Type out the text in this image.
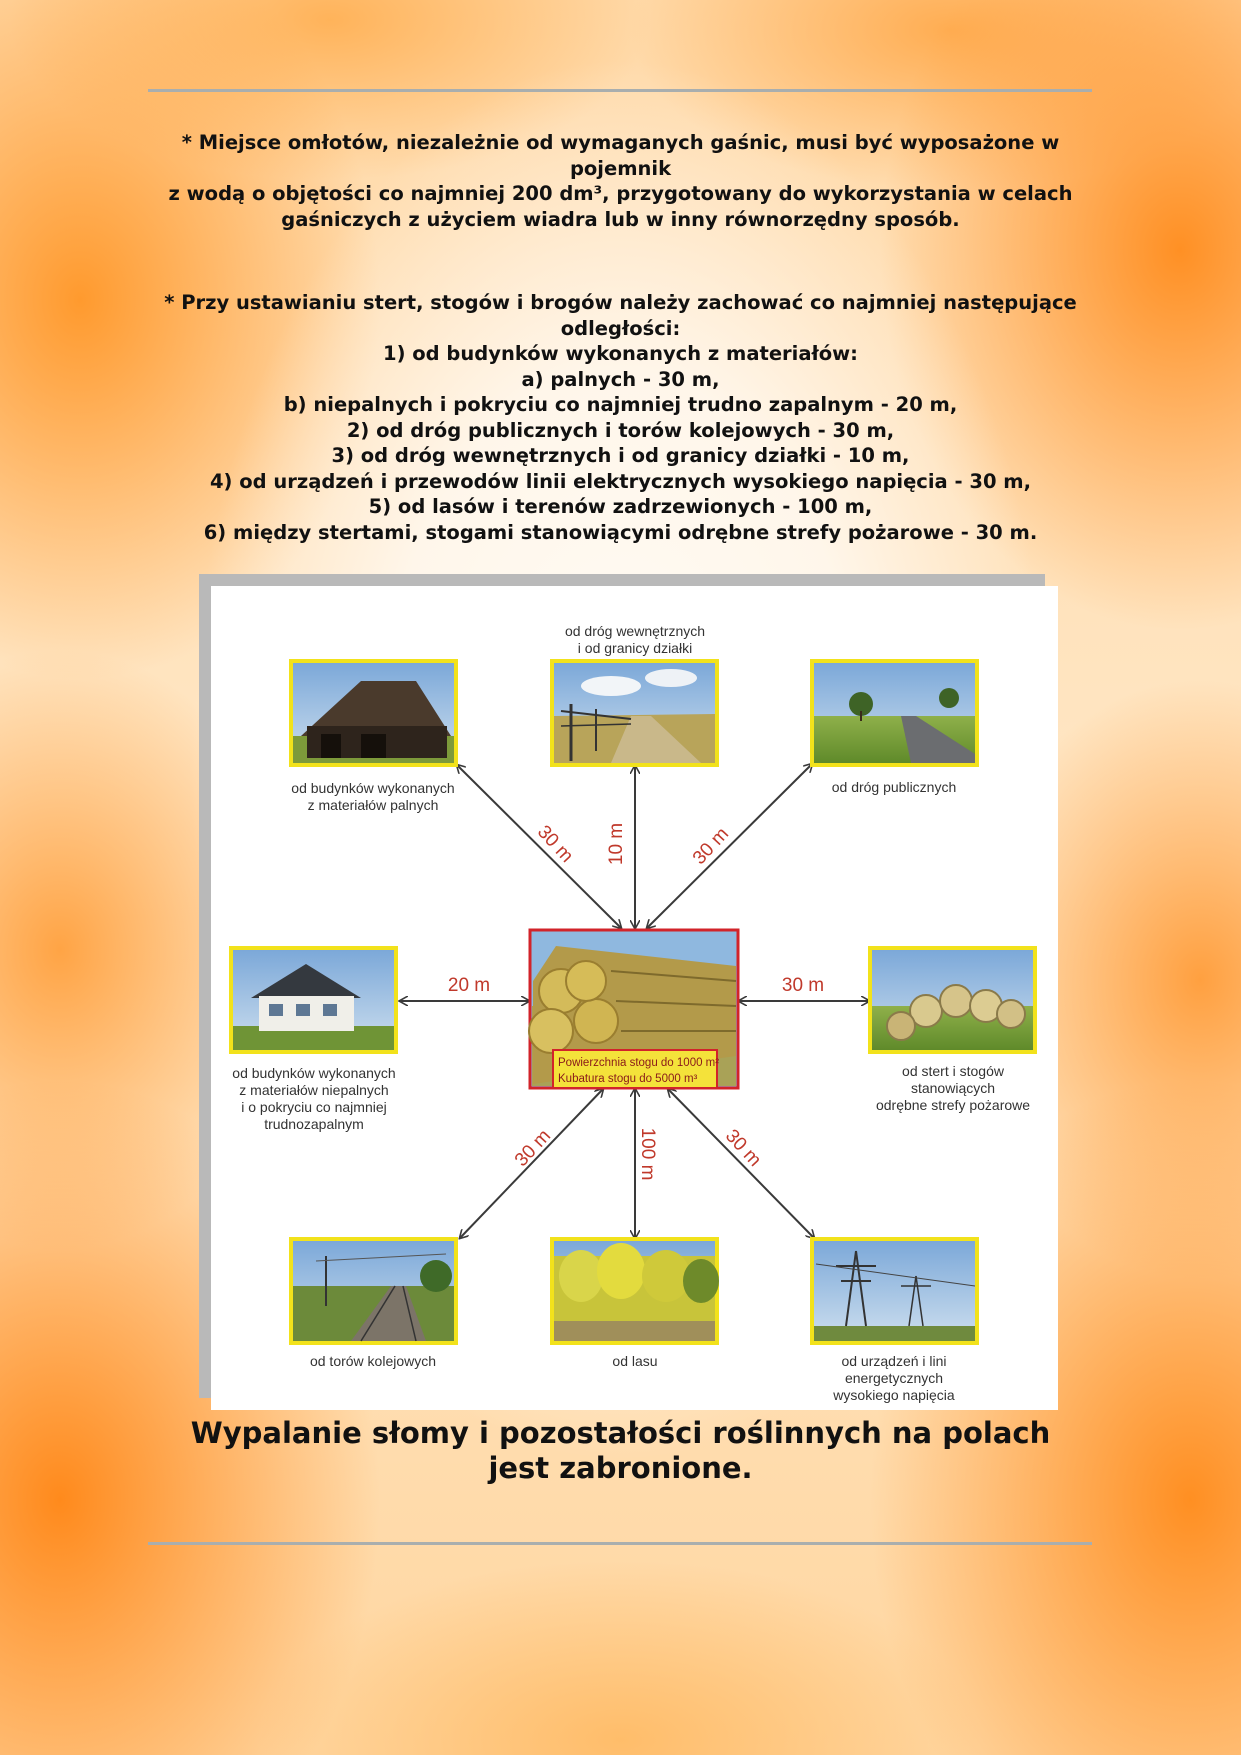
* Miejsce omłotów, niezależnie od wymaganych gaśnic, musi być wyposażone w pojemnik

z wodą o objętości co najmniej 200 dm³, przygotowany do wykorzystania w celach

gaśniczych z użyciem wiadra lub w inny równorzędny sposób.

* Przy ustawianiu stert, stogów i brogów należy zachować co najmniej następujące

odległości:

1) od budynków wykonanych z materiałów:

a) palnych - 30 m,

b) niepalnych i pokryciu co najmniej trudno zapalnym - 20 m,

2) od dróg publicznych i torów kolejowych - 30 m,

3) od dróg wewnętrznych i od granicy działki - 10 m,

4) od urządzeń i przewodów linii elektrycznych wysokiego napięcia - 30 m,

5) od lasów i terenów zadrzewionych - 100 m,

6) między stertami, stogami stanowiącymi odrębne strefy pożarowe - 30 m.

30 m 10 m	30 m
20 m	30 m
30 m	100 m	30 m
Powierzchnia stogu do 1000 m²
Kubatura stogu do 5000 m³
od budynków wykonanych
z materiałów palnych
od dróg wewnętrznych
i od granicy działki
od dróg publicznych
od budynków wykonanych
z materiałów niepalnych
i o pokryciu co najmniej
trudnozapalnym
od stert i stogów
stanowiących
odrębne strefy pożarowe
od torów kolejowych	od lasu	od urządzeń i lini
energetycznych
wysokiego napięcia

Wypalanie słomy i pozostałości roślinnych na polach

jest zabronione.
